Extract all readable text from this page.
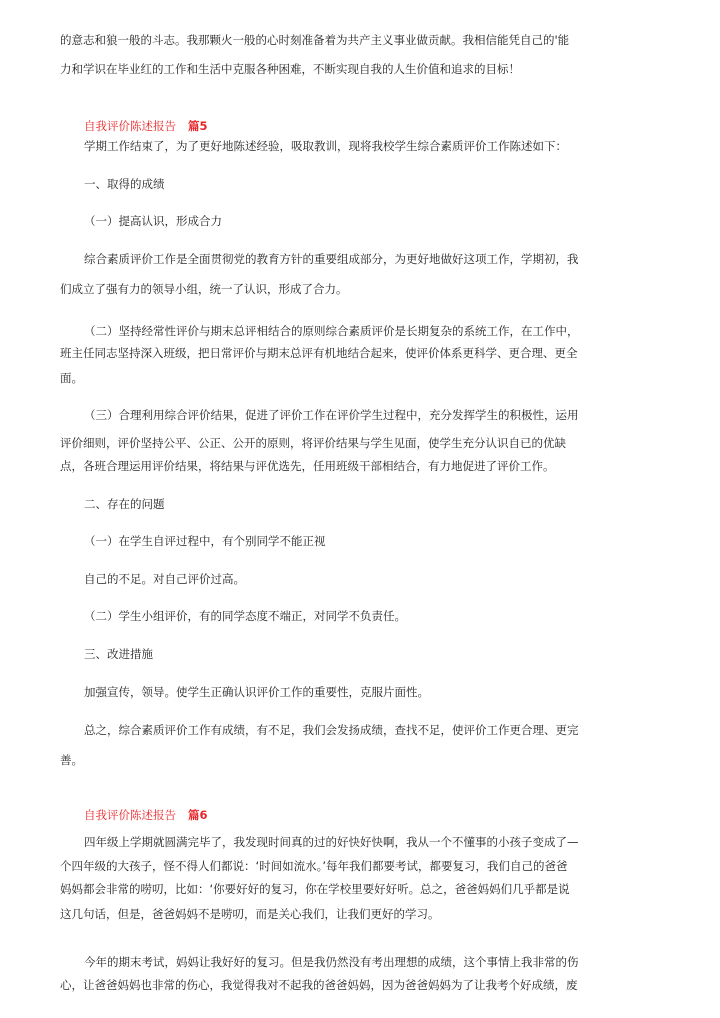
的意志和狼一般的斗志。我那颗火一般的心时刻准备着为共产主义事业做贡献。我相信能凭自己的'能

力和学识在毕业红的工作和生活中克服各种困难，不断实现自我的人生价值和追求的目标！

自我评价陈述报告 篇5

学期工作结束了，为了更好地陈述经验，吸取教训，现将我校学生综合素质评价工作陈述如下：

一、取得的成绩

（一）提高认识，形成合力

综合素质评价工作是全面贯彻党的教育方针的重要组成部分，为更好地做好这项工作，学期初，我

们成立了强有力的领导小组，统一了认识，形成了合力。

（二）坚持经常性评价与期末总评相结合的原则综合素质评价是长期复杂的系统工作，在工作中，

班主任同志坚持深入班级，把日常评价与期末总评有机地结合起来，使评价体系更科学、更合理、更全

面。

（三）合理利用综合评价结果，促进了评价工作在评价学生过程中，充分发挥学生的积极性，运用

评价细则，评价坚持公平、公正、公开的原则，将评价结果与学生见面，使学生充分认识自已的优缺

点，各班合理运用评价结果，将结果与评优选先，任用班级干部相结合，有力地促进了评价工作。

二、存在的问题

（一）在学生自评过程中，有个别同学不能正视

自己的不足。对自己评价过高。

（二）学生小组评价，有的同学态度不端正，对同学不负责任。

三、改进措施

加强宣传，领导。使学生正确认识评价工作的重要性，克服片面性。

总之，综合素质评价工作有成绩，有不足，我们会发扬成绩，查找不足，使评价工作更合理、更完

善。

自我评价陈述报告 篇6

四年级上学期就圆满完毕了，我发现时间真的过的好快好快啊，我从一个不懂事的小孩子变成了—

个四年级的大孩子，怪不得人们都说：‘时间如流水。’每年我们都要考试，都要复习，我们自己的爸爸

妈妈都会非常的唠叨，比如：‘你要好好的复习，你在学校里要好好听。总之，爸爸妈妈们几乎都是说

这几句话，但是，爸爸妈妈不是唠叨，而是关心我们，让我们更好的学习。

今年的期末考试，妈妈让我好好的复习。但是我仍然没有考出理想的成绩，这个事情上我非常的伤

心，让爸爸妈妈也非常的伤心，我觉得我对不起我的爸爸妈妈，因为爸爸妈妈为了让我考个好成绩，废
